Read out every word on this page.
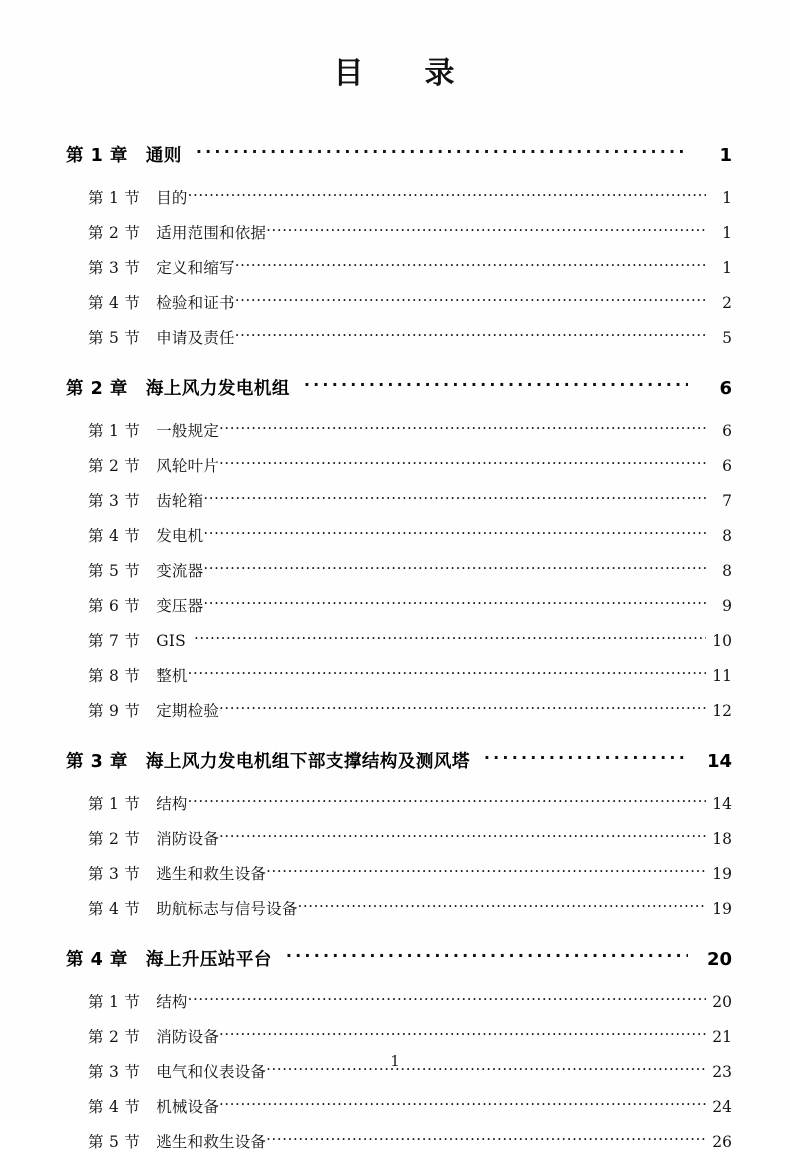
目 录
第 1 章 通则 ·····	1
第 1 节 目的 ·····	1
第 2 节 适用范围和依据 ·····	1
第 3 节 定义和缩写 ·····	1
第 4 节 检验和证书 ·····	2
第 5 节 申请及责任 ·····	5
第 2 章 海上风力发电机组 ·····	6
第 1 节 一般规定 ·····	6
第 2 节 风轮叶片 ·····	6
第 3 节 齿轮箱 ·····	7
第 4 节 发电机 ·····	8
第 5 节 变流器 ·····	8
第 6 节 变压器 ·····	9
第 7 节 GIS ·····	10
第 8 节 整机 ·····	11
第 9 节 定期检验 ·····	12
第 3 章 海上风力发电机组下部支撑结构及测风塔 ·····	14
第 1 节 结构 ·····	14
第 2 节 消防设备 ·····	18
第 3 节 逃生和救生设备 ·····	19
第 4 节 助航标志与信号设备 ·····	19
第 4 章 海上升压站平台 ·····	20
第 1 节 结构 ·····	20
第 2 节 消防设备 ·····	21
第 3 节 电气和仪表设备 ·····	23
第 4 节 机械设备 ·····	24
第 5 节 逃生和救生设备 ·····	26
1
